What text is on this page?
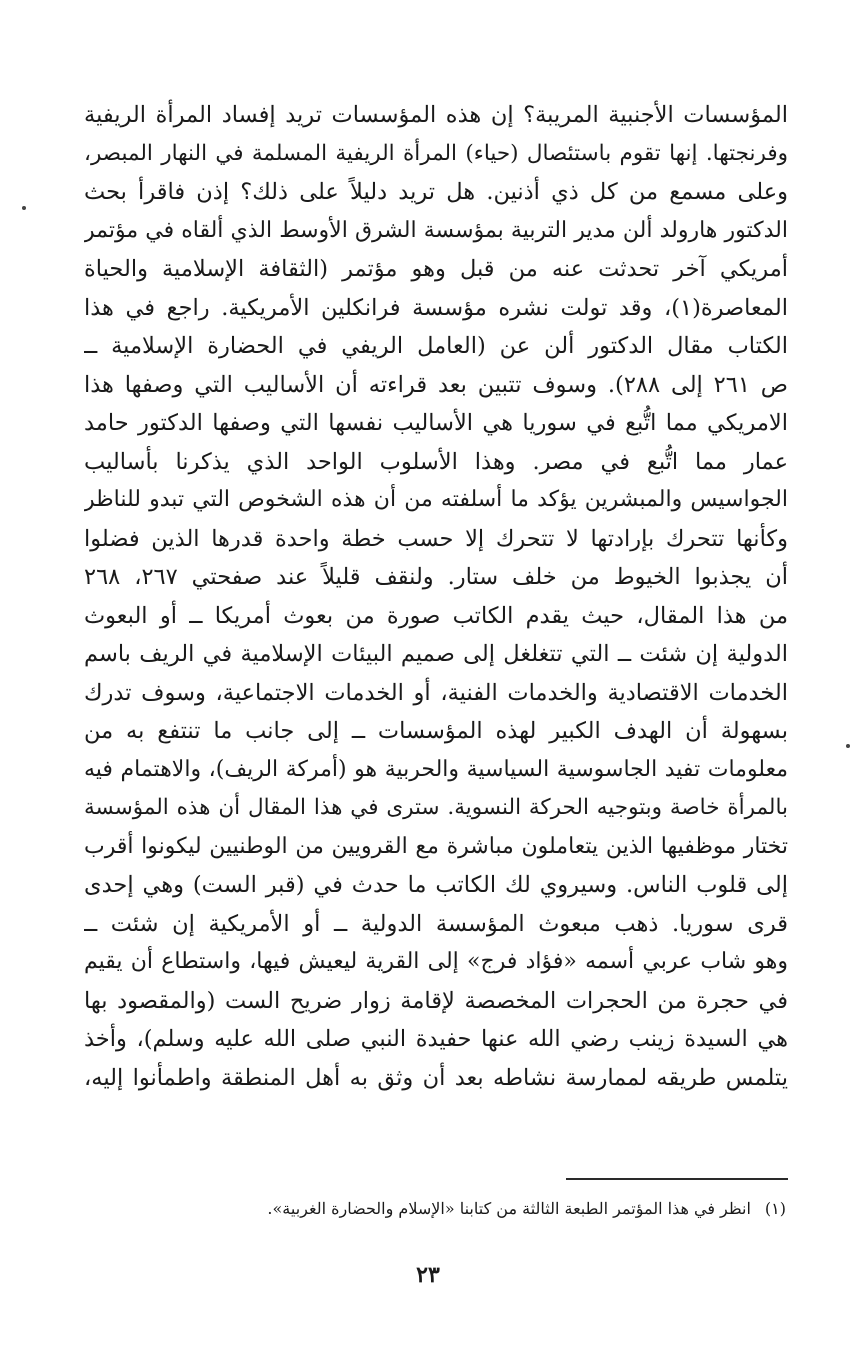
المؤسسات الأجنبية المريبة؟ إن هذه المؤسسات تريد إفساد المرأة الريفية
وفرنجتها. إنها تقوم باستئصال (حياء) المرأة الريفية المسلمة في النهار المبصر،
وعلى مسمع من كل ذي أذنين. هل تريد دليلاً على ذلك؟ إذن فاقرأ بحث
الدكتور هارولد ألن مدير التربية بمؤسسة الشرق الأوسط الذي ألقاه في مؤتمر
أمريكي آخر تحدثت عنه من قبل وهو مؤتمر (الثقافة الإسلامية والحياة
المعاصرة(١)، وقد تولت نشره مؤسسة فرانكلين الأمريكية. راجع في هذا
الكتاب مقال الدكتور ألن عن (العامل الريفي في الحضارة الإسلامية ــ
ص ٢٦١ إلى ٢٨٨). وسوف تتبين بعد قراءته أن الأساليب التي وصفها هذا
الامريكي مما اتُّبع في سوريا هي الأساليب نفسها التي وصفها الدكتور حامد
عمار مما اتُّبع في مصر. وهذا الأسلوب الواحد الذي يذكرنا بأساليب
الجواسيس والمبشرين يؤكد ما أسلفته من أن هذه الشخوص التي تبدو للناظر
وكأنها تتحرك بإرادتها لا تتحرك إلا حسب خطة واحدة قدرها الذين فضلوا
أن يجذبوا الخيوط من خلف ستار. ولنقف قليلاً عند صفحتي ٢٦٧، ٢٦٨
من هذا المقال، حيث يقدم الكاتب صورة من بعوث أمريكا ــ أو البعوث
الدولية إن شئت ــ التي تتغلغل إلى صميم البيئات الإسلامية في الريف باسم
الخدمات الاقتصادية والخدمات الفنية، أو الخدمات الاجتماعية، وسوف تدرك
بسهولة أن الهدف الكبير لهذه المؤسسات ــ إلى جانب ما تنتفع به من
معلومات تفيد الجاسوسية السياسية والحربية هو (أمركة الريف)، والاهتمام فيه
بالمرأة خاصة وبتوجيه الحركة النسوية. سترى في هذا المقال أن هذه المؤسسة
تختار موظفيها الذين يتعاملون مباشرة مع القرويين من الوطنيين ليكونوا أقرب
إلى قلوب الناس. وسيروي لك الكاتب ما حدث في (قبر الست) وهي إحدى
قرى سوريا. ذهب مبعوث المؤسسة الدولية ــ أو الأمريكية إن شئت ــ
وهو شاب عربي أسمه «فؤاد فرج» إلى القرية ليعيش فيها، واستطاع أن يقيم
في حجرة من الحجرات المخصصة لإقامة زوار ضريح الست (والمقصود بها
هي السيدة زينب رضي الله عنها حفيدة النبي صلى الله عليه وسلم)، وأخذ
يتلمس طريقه لممارسة نشاطه بعد أن وثق به أهل المنطقة واطمأنوا إليه،
(١)انظر في هذا المؤتمر الطبعة الثالثة من كتابنا «الإسلام والحضارة الغربية».
٢٣
